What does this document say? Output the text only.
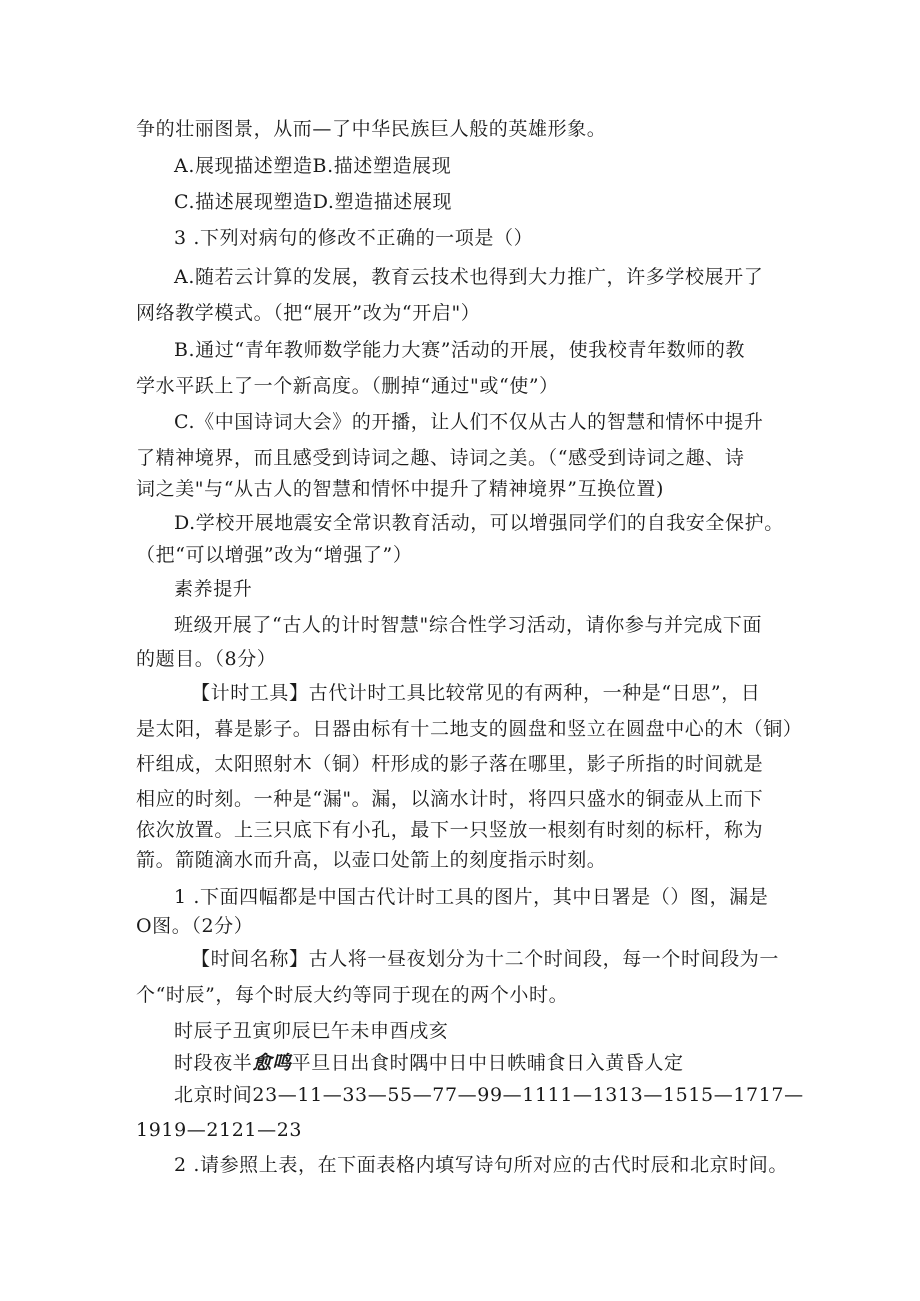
争的壮丽图景，从而—了中华民族巨人般的英雄形象。
A.展现描述塑造B.描述塑造展现
C.描述展现塑造D.塑造描述展现
3 .下列对病句的修改不正确的一项是（）
A.随若云计算的发展，教育云技术也得到大力推广，许多学校展开了
网络教学模式。（把“展开”改为“开启"）
B.通过“青年教师数学能力大赛”活动的开展，使我校青年数师的教
学水平跃上了一个新高度。（删掉“通过"或“使”）
C.《中国诗词大会》的开播，让人们不仅从古人的智慧和情怀中提升
了精神境界，而且感受到诗词之趣、诗词之美。（“感受到诗词之趣、诗
词之美"与“从古人的智慧和情怀中提升了精神境界”互换位置)
D.学校开展地震安全常识教育活动，可以增强同学们的自我安全保护。
（把“可以增强”改为“增强了”）
素养提升
班级开展了“古人的计时智慧"综合性学习活动，请你参与并完成下面
的题目。（8分）
【计时工具】古代计时工具比较常见的有两种，一种是“日思”，日
是太阳，暮是影子。日器由标有十二地支的圆盘和竖立在圆盘中心的木（铜）
杆组成，太阳照射木（铜）杆形成的影子落在哪里，影子所指的时间就是
相应的时刻。一种是“漏"。漏，以滴水计时，将四只盛水的铜壶从上而下
依次放置。上三只底下有小孔，最下一只竖放一根刻有时刻的标杆，称为
箭。箭随滴水而升高，以壶口处箭上的刻度指示时刻。
1 .下面四幅都是中国古代计时工具的图片，其中日署是（）图，漏是
O图。（2分）
【时间名称】古人将一昼夜划分为十二个时间段，每一个时间段为一
个“时辰”，每个时辰大约等同于现在的两个小时。
时辰子丑寅卯辰巳午未申酉戌亥
时段夜半愈鸣平旦日出食时隅中日中日帙晡食日入黄昏人定
北京时间23—11—33—55—77—99—1111—1313—1515—1717—
1919—2121—23
2 .请参照上表，在下面表格内填写诗句所对应的古代时辰和北京时间。
